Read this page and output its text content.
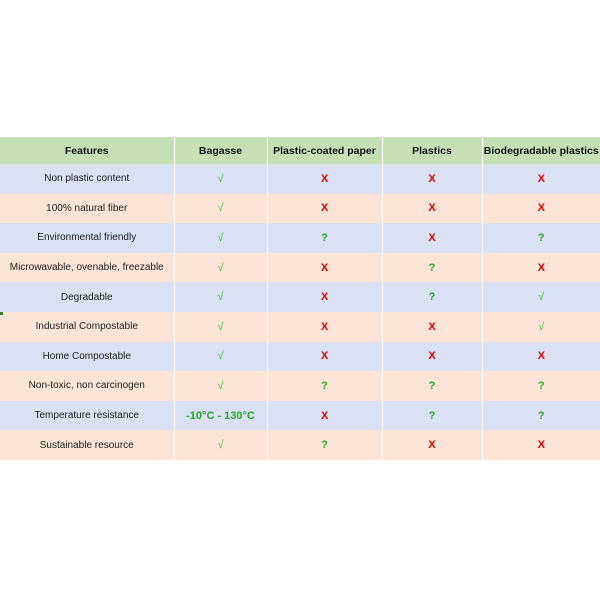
Features	Bagasse	Plastic-coated paper	Plastics	Biodegradable plastics
Non plastic content	√	X	X	X
100% natural fiber	√	X	X	X
Environmental friendly	√	?	X	?
Microwavable, ovenable, freezable	√	X	?	X
Degradable	√	X	?	√
Industrial Compostable	√	X	X	√
Home Compostable	√	X	X	X
Non-toxic, non carcinogen	√	?	?	?
Temperature resistance	-10°C - 130°C	X	?	?
Sustainable resource	√	?	X	X
